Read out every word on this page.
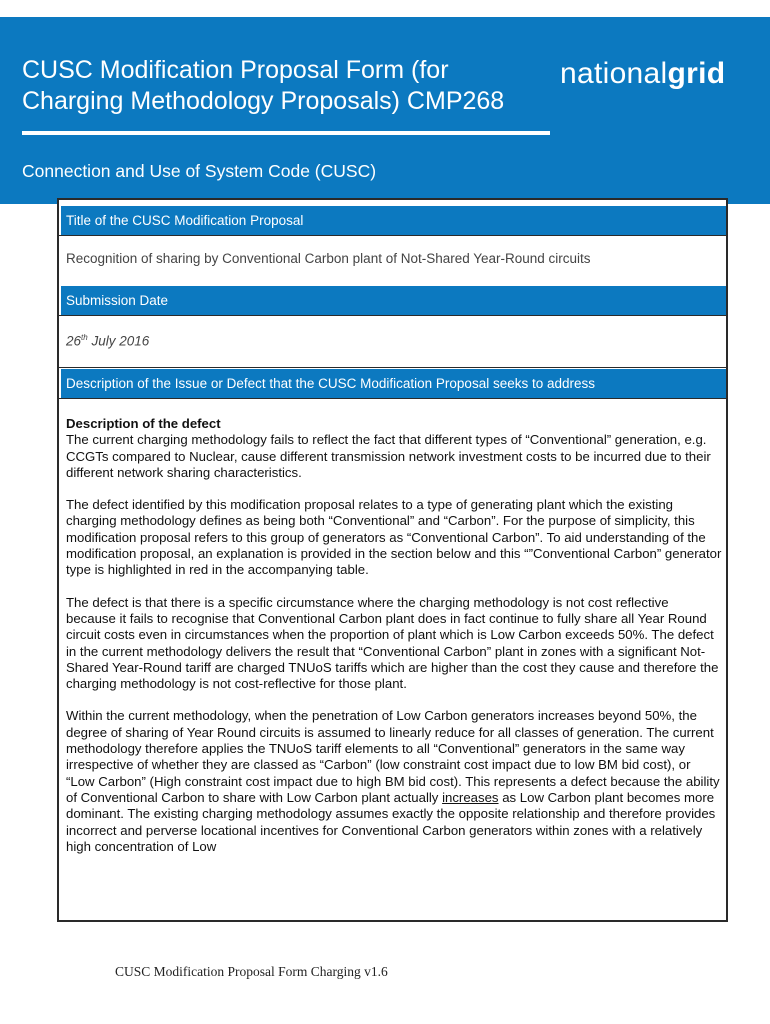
CUSC Modification Proposal Form (for
Charging Methodology Proposals) CMP268
nationalgrid
Connection and Use of System Code (CUSC)
Title of the CUSC Modification Proposal
Recognition of sharing by Conventional Carbon plant of Not-Shared Year-Round circuits
Submission Date
26th July 2016
Description of the Issue or Defect that the CUSC Modification Proposal seeks to address
Description of the defect

The current charging methodology fails to reflect the fact that different types of “Conventional” generation, e.g. CCGTs compared to Nuclear, cause different transmission network investment costs to be incurred due to their different network sharing characteristics.

The defect identified by this modification proposal relates to a type of generating plant which the existing charging methodology defines as being both “Conventional” and “Carbon”. For the purpose of simplicity, this modification proposal refers to this group of generators as “Conventional Carbon”. To aid understanding of the modification proposal, an explanation is provided in the section below and this “”Conventional Carbon” generator type is highlighted in red in the accompanying table.

The defect is that there is a specific circumstance where the charging methodology is not cost reflective because it fails to recognise that Conventional Carbon plant does in fact continue to fully share all Year Round circuit costs even in circumstances when the proportion of plant which is Low Carbon exceeds 50%. The defect in the current methodology delivers the result that “Conventional Carbon” plant in zones with a significant Not-Shared Year-Round tariff are charged TNUoS tariffs which are higher than the cost they cause and therefore the charging methodology is not cost-reflective for those plant.

Within the current methodology, when the penetration of Low Carbon generators increases beyond 50%, the degree of sharing of Year Round circuits is assumed to linearly reduce for all classes of generation. The current methodology therefore applies the TNUoS tariff elements to all “Conventional” generators in the same way irrespective of whether they are classed as “Carbon” (low constraint cost impact due to low BM bid cost), or “Low Carbon” (High constraint cost impact due to high BM bid cost). This represents a defect because the ability of Conventional Carbon to share with Low Carbon plant actually increases as Low Carbon plant becomes more dominant. The existing charging methodology assumes exactly the opposite relationship and therefore provides incorrect and perverse locational incentives for Conventional Carbon generators within zones with a relatively high concentration of Low

CUSC Modification Proposal Form Charging v1.6
